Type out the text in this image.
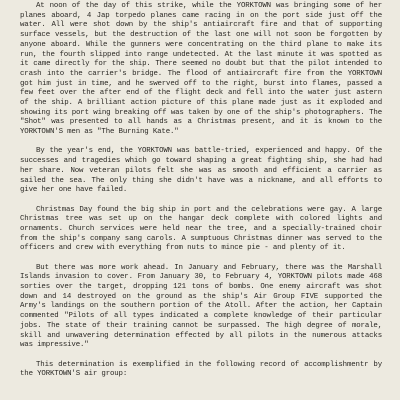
At noon of the day of this strike, while the YORKTOWN was bringing some of her planes aboard, 4 Jap torpedo planes came racing in on the port side just off the water. All were shot down by the ship's antiaircraft fire and that of supporting surface vessels, but the destruction of the last one will not soon be forgotten by anyone aboard. While the gunners were concentrating on the third plane to make its run, the fourth slipped into range undetected. At the last minute it was spotted as it came directly for the ship. There seemed no doubt but that the pilot intended to crash into the carrier's bridge. The flood of antiaircraft fire from the YORKTOWN got him just in time, and he swerved off to the right, burst into flames, passed a few feet over the after end of the flight deck and fell into the water just astern of the ship. A brilliant action picture of this plane made just as it exploded and showing its port wing breaking off was taken by one of the ship's photographers. The "Shot" was presented to all hands as a Christmas present, and it is known to the YORKTOWN'S men as "The Burning Kate."

By the year's end, the YORKTOWN was battle-tried, experienced and happy. Of the successes and tragedies which go toward shaping a great fighting ship, she had had her share. Now veteran pilots felt she was as smooth and efficient a carrier as sailed the sea. The only thing she didn't have was a nickname, and all efforts to give her one have failed.

Christmas Day found the big ship in port and the celebrations were gay. A large Christmas tree was set up on the hangar deck complete with colored lights and ornaments. Church services were held near the tree, and a specially-trained choir from the ship's company sang carols. A sumptuous Christmas dinner was served to the officers and crew with everything from nuts to mince pie - and plenty of it.

But there was more work ahead. In January and February, there was the Marshall Islands invasion to cover. From January 30, to February 4, YORKTOWN pilots made 468 sorties over the target, dropping 121 tons of bombs. One enemy aircraft was shot down and 14 destroyed on the ground as the ship's Air Group FIVE supported the Army's landings on the southern portion of the Atoll. After the action, her Captain commented "Pilots of all types indicated a complete knowledge of their particular jobs. The state of their training cannot be surpassed. The high degree of morale, skill and unwavering determination effected by all pilots in the numerous attacks was impressive."

This determination is exemplified in the following record of accomplishmentr by the YORKTOWN'S air group:
